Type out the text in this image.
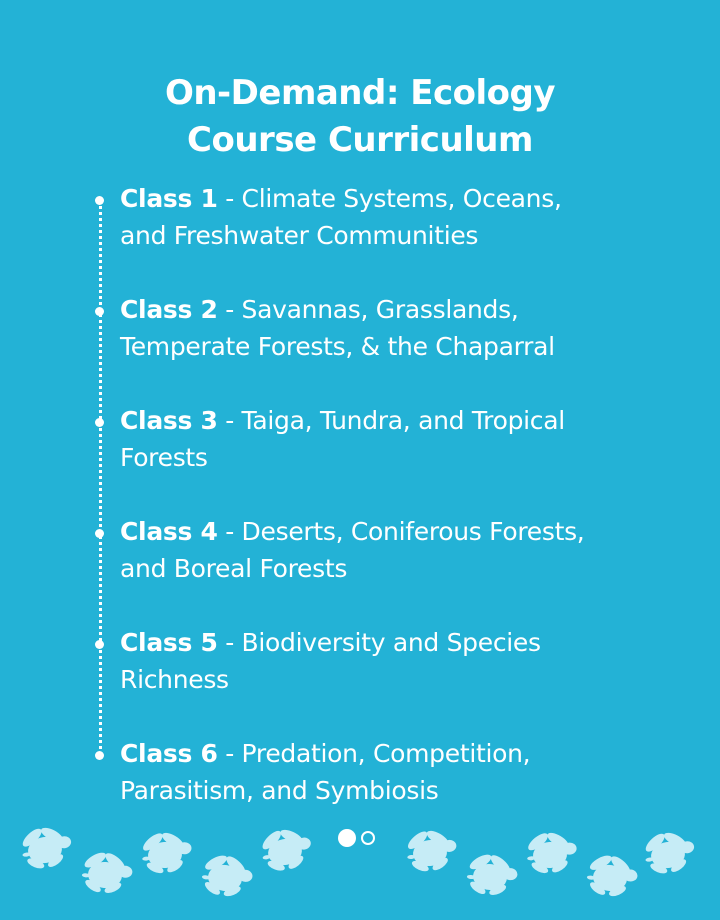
On-Demand: Ecology
Course Curriculum
Class 1 - Climate Systems, Oceans,
and Freshwater Communities
Class 2 - Savannas, Grasslands,
Temperate Forests, & the Chaparral
Class 3 - Taiga, Tundra, and Tropical
Forests
Class 4 - Deserts, Coniferous Forests,
and Boreal Forests
Class 5 - Biodiversity and Species
Richness
Class 6 - Predation, Competition,
Parasitism, and Symbiosis
